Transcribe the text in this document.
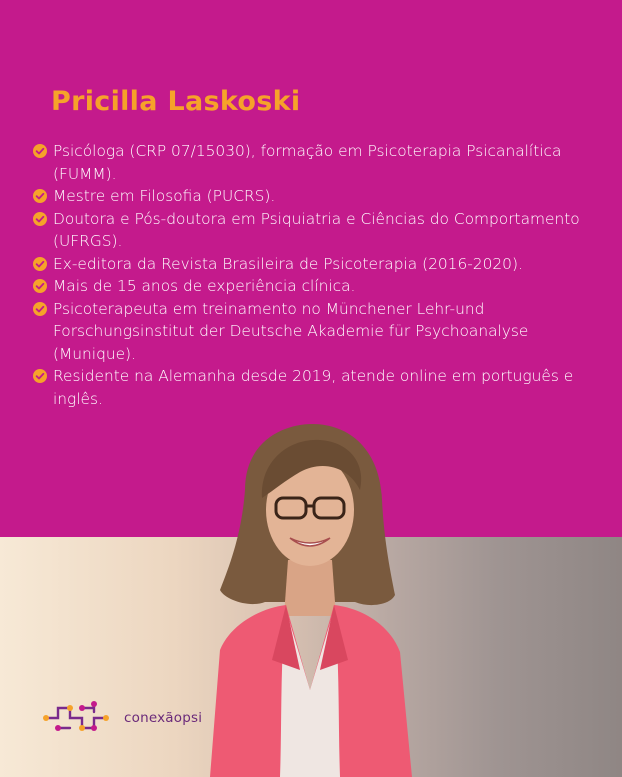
Pricilla Laskoski
Psicóloga (CRP 07/15030), formação em Psicoterapia Psicanalítica (FUMM).
Mestre em Filosofia (PUCRS).
Doutora e Pós-doutora em Psiquiatria e Ciências do Comportamento (UFRGS).
Ex-editora da Revista Brasileira de Psicoterapia (2016-2020).
Mais de 15 anos de experiência clínica.
Psicoterapeuta em treinamento no Münchener Lehr-und Forschungsinstitut der Deutsche Akademie für Psychoanalyse (Munique).
Residente na Alemanha desde 2019, atende online em português e inglês.
conexãopsi
